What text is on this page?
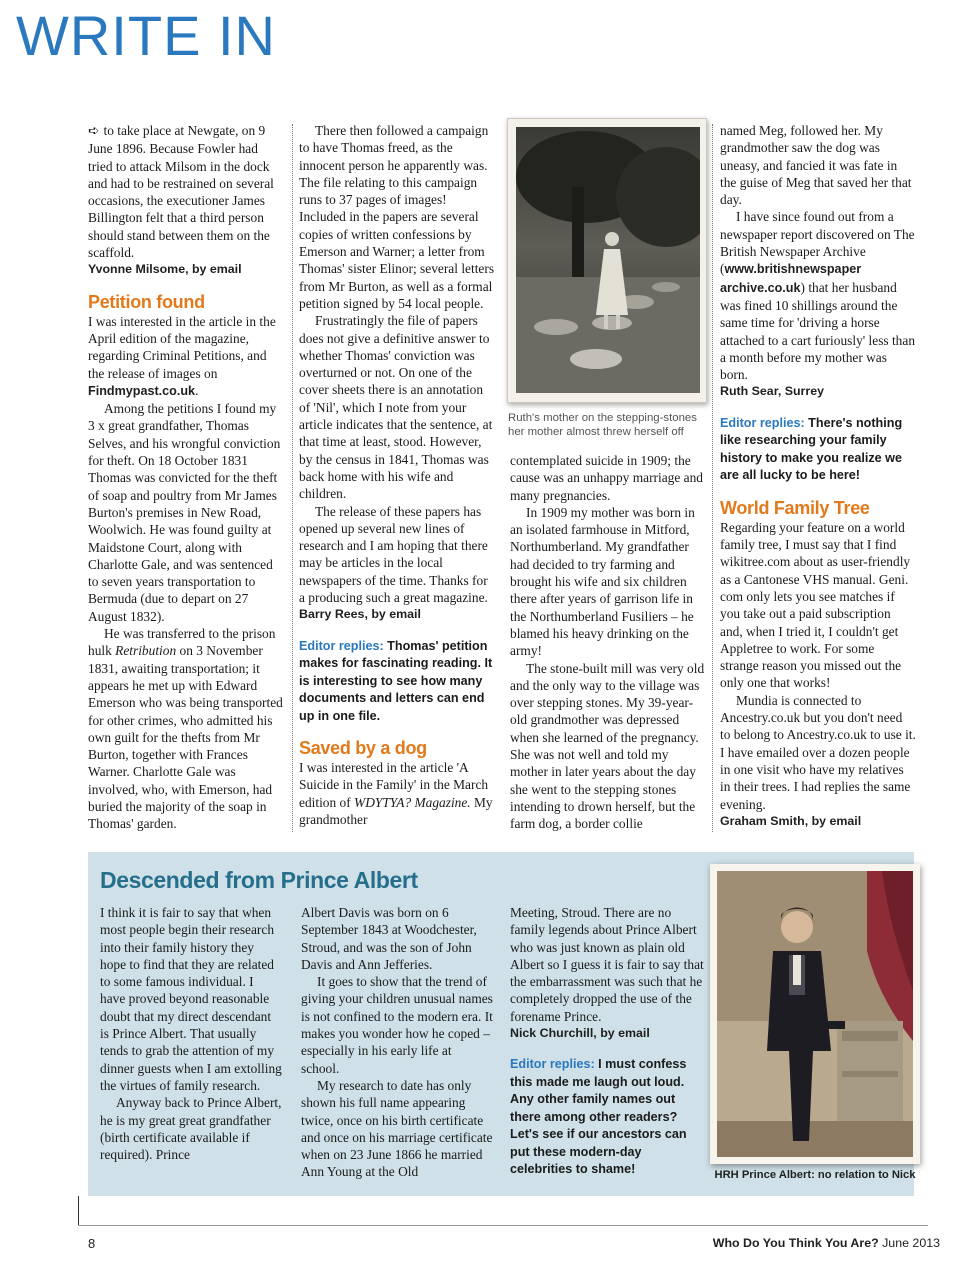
WRITE IN

➪ to take place at Newgate, on 9 June 1896. Because Fowler had tried to attack Milsom in the dock and had to be restrained on several occasions, the executioner James Billington felt that a third person should stand between them on the scaffold.

Yvonne Milsome, by email
Petition found

I was interested in the article in the April edition of the magazine, regarding Criminal Petitions, and the release of images on Findmypast.co.uk.

Among the petitions I found my 3 x great grandfather, Thomas Selves, and his wrongful conviction for theft. On 18 October 1831 Thomas was convicted for the theft of soap and poultry from Mr James Burton's premises in New Road, Woolwich. He was found guilty at Maidstone Court, along with Charlotte Gale, and was sentenced to seven years transportation to Bermuda (due to depart on 27 August 1832).

He was transferred to the prison hulk Retribution on 3 November 1831, awaiting transportation; it appears he met up with Edward Emerson who was being transported for other crimes, who admitted his own guilt for the thefts from Mr Burton, together with Frances Warner. Charlotte Gale was involved, who, with Emerson, had buried the majority of the soap in Thomas' garden.

There then followed a campaign to have Thomas freed, as the innocent person he apparently was. The file relating to this campaign runs to 37 pages of images! Included in the papers are several copies of written confessions by Emerson and Warner; a letter from Thomas' sister Elinor; several letters from Mr Burton, as well as a formal petition signed by 54 local people.

Frustratingly the file of papers does not give a definitive answer to whether Thomas' conviction was overturned or not. On one of the cover sheets there is an annotation of 'Nil', which I note from your article indicates that the sentence, at that time at least, stood. However, by the census in 1841, Thomas was back home with his wife and children.

The release of these papers has opened up several new lines of research and I am hoping that there may be articles in the local newspapers of the time. Thanks for a producing such a great magazine.

Barry Rees, by email
Editor replies: Thomas' petition makes for fascinating reading. It is interesting to see how many documents and letters can end up in one file.
Saved by a dog

I was interested in the article 'A Suicide in the Family' in the March edition of WDYTYA? Magazine. My grandmother

Ruth's mother on the stepping-stones her mother almost threw herself off

contemplated suicide in 1909; the cause was an unhappy marriage and many pregnancies.

In 1909 my mother was born in an isolated farmhouse in Mitford, Northumberland. My grandfather had decided to try farming and brought his wife and six children there after years of garrison life in the Northumberland Fusiliers – he blamed his heavy drinking on the army!

The stone-built mill was very old and the only way to the village was over stepping stones. My 39-year-old grandmother was depressed when she learned of the pregnancy. She was not well and told my mother in later years about the day she went to the stepping stones intending to drown herself, but the farm dog, a border collie

named Meg, followed her. My grandmother saw the dog was uneasy, and fancied it was fate in the guise of Meg that saved her that day.

I have since found out from a newspaper report discovered on The British Newspaper Archive (www.britishnewspaper archive.co.uk) that her husband was fined 10 shillings around the same time for 'driving a horse attached to a cart furiously' less than a month before my mother was born.

Ruth Sear, Surrey
Editor replies: There's nothing like researching your family history to make you realize we are all lucky to be here!
World Family Tree

Regarding your feature on a world family tree, I must say that I find wikitree.com about as user-friendly as a Cantonese VHS manual. Geni. com only lets you see matches if you take out a paid subscription and, when I tried it, I couldn't get Appletree to work. For some strange reason you missed out the only one that works!

Mundia is connected to Ancestry.co.uk but you don't need to belong to Ancestry.co.uk to use it. I have emailed over a dozen people in one visit who have my relatives in their trees. I had replies the same evening.

Graham Smith, by email
Descended from Prince Albert

I think it is fair to say that when most people begin their research into their family history they hope to find that they are related to some famous individual. I have proved beyond reasonable doubt that my direct descendant is Prince Albert. That usually tends to grab the attention of my dinner guests when I am extolling the virtues of family research.

Anyway back to Prince Albert, he is my great great grandfather (birth certificate available if required). Prince

Albert Davis was born on 6 September 1843 at Woodchester, Stroud, and was the son of John Davis and Ann Jefferies.

It goes to show that the trend of giving your children unusual names is not confined to the modern era. It makes you wonder how he coped – especially in his early life at school.

My research to date has only shown his full name appearing twice, once on his birth certificate and once on his marriage certificate when on 23 June 1866 he married Ann Young at the Old

Meeting, Stroud. There are no family legends about Prince Albert who was just known as plain old Albert so I guess it is fair to say that the embarrassment was such that he completely dropped the use of the forename Prince.

Nick Churchill, by email
Editor replies: I must confess this made me laugh out loud. Any other family names out there among other readers? Let's see if our ancestors can put these modern-day celebrities to shame!	HRH Prince Albert: no relation to Nick
8	Who Do You Think You Are? June 2013
